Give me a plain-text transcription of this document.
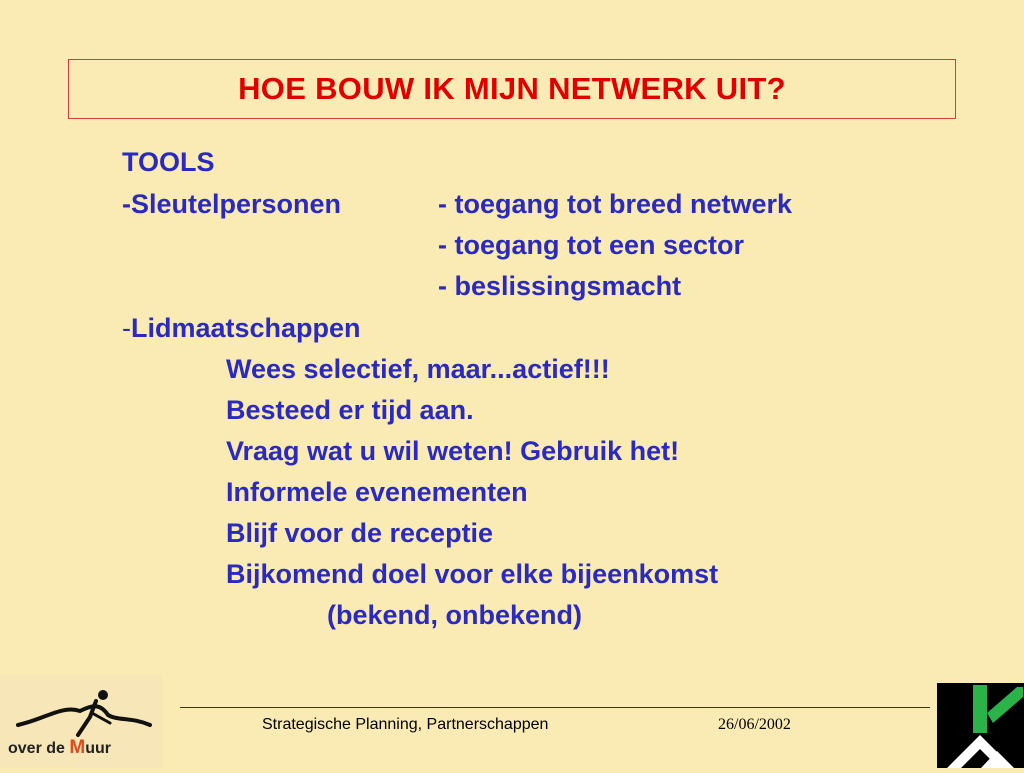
HOE BOUW IK MIJN NETWERK UIT?
TOOLS
-Sleutelpersonen	- toegang tot breed netwerk
- toegang tot een sector
- beslissingsmacht
-Lidmaatschappen
Wees selectief, maar...actief!!!
Besteed er tijd aan.
Vraag wat u wil weten! Gebruik het!
Informele evenementen
Blijf voor de receptie
Bijkomend doel voor elke bijeenkomst
(bekend, onbekend)
over de Muur
Strategische Planning, Partnerschappen	26/06/2002
